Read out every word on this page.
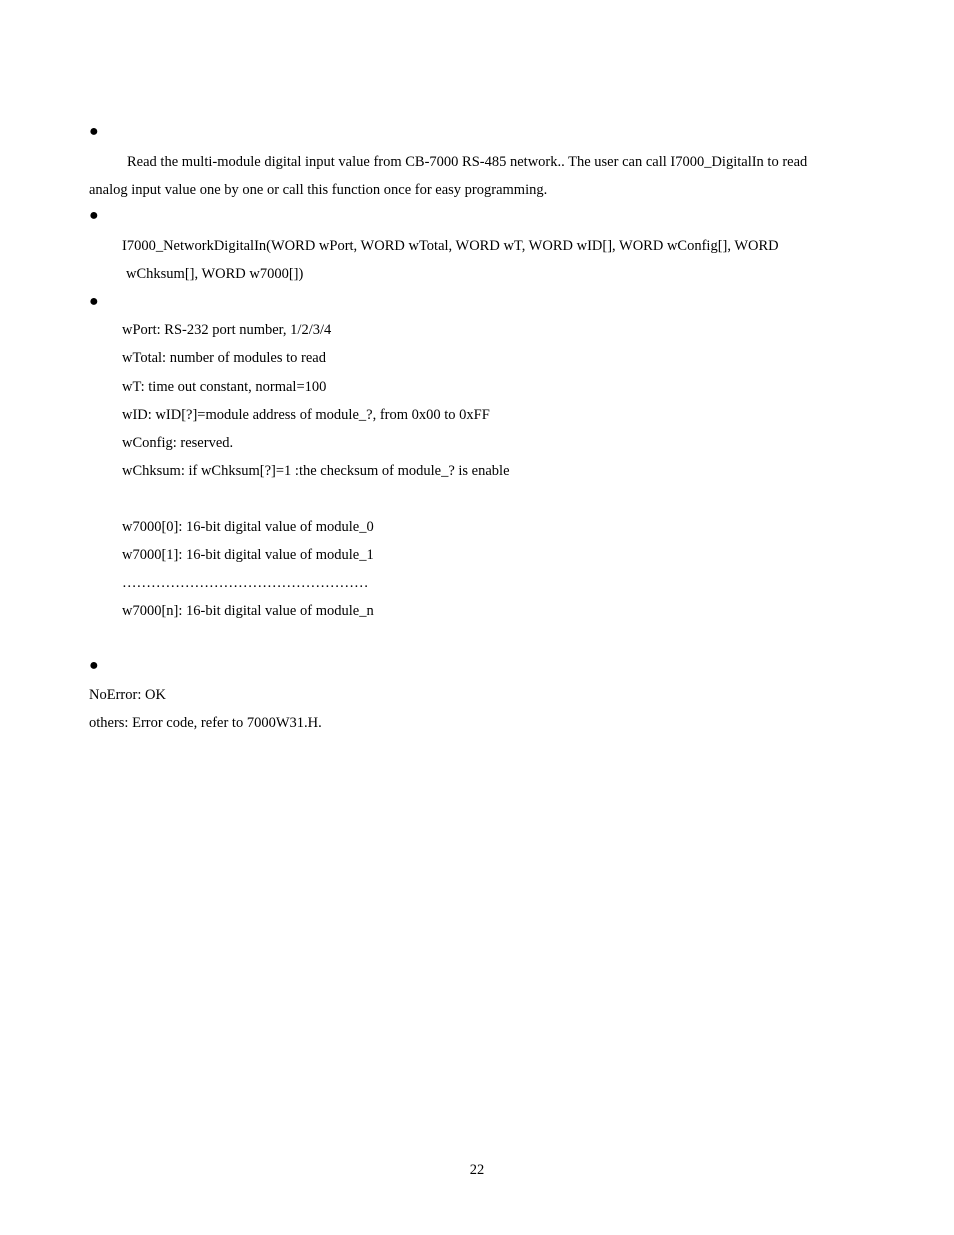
●
Read the multi-module digital input value from CB-7000 RS-485 network.. The user can call I7000_DigitalIn to read
analog input value one by one or call this function once for easy programming.
●
I7000_NetworkDigitalIn(WORD wPort, WORD wTotal, WORD wT, WORD wID[], WORD wConfig[], WORD
wChksum[], WORD w7000[])
●
wPort: RS-232 port number, 1/2/3/4
wTotal: number of modules to read
wT: time out constant, normal=100
wID: wID[?]=module address of module_?, from 0x00 to 0xFF
wConfig: reserved.
wChksum: if wChksum[?]=1 :the checksum of module_? is enable
w7000[0]: 16-bit digital value of module_0
w7000[1]: 16-bit digital value of module_1
……………………………………………
w7000[n]: 16-bit digital value of module_n
●
NoError: OK
others: Error code, refer to 7000W31.H.
22
